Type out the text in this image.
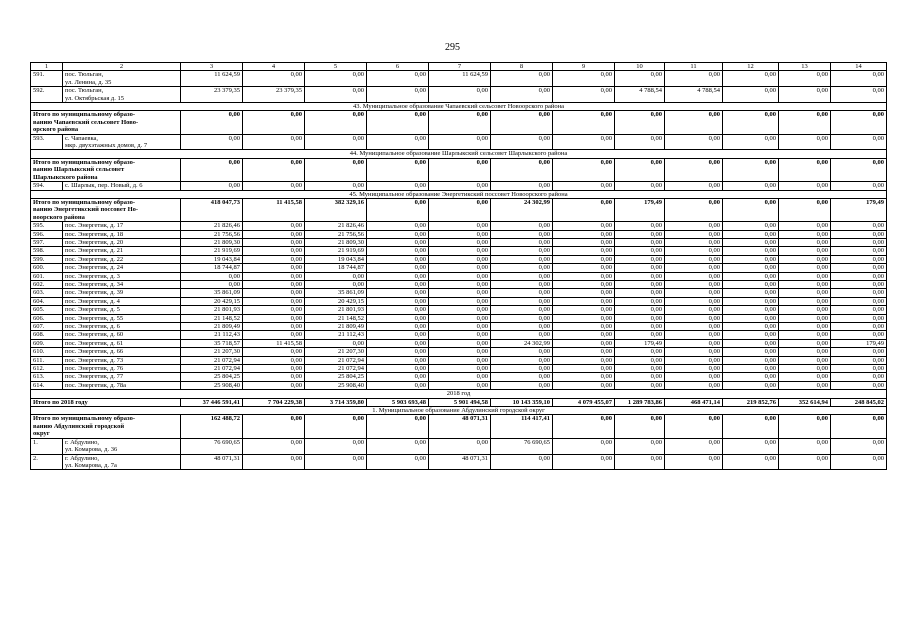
295
1	2	3	4	5	6	7	8	9	10	11	12	13	14
591.	пос. Тюльган,
ул. Ленина, д. 35	11 624,59	0,00	0,00	0,00	11 624,59	0,00	0,00	0,00	0,00	0,00	0,00	0,00
592.	пос. Тюльган,
ул. Октябрьская д. 15	23 379,35	23 379,35	0,00	0,00	0,00	0,00	0,00	4 788,54	4 788,54	0,00	0,00	0,00
43. Муниципальное образование Чапаевский сельсовет Новоорского района													

Итого по муниципальному образо-
ванию Чапаевский сельсовет Ново-
орского района		0,00	0,00	0,00	0,00	0,00	0,00	0,00	0,00	0,00	0,00	0,00	0,00
593.	с. Чапаевка,
мкр. двухэтажных домов, д. 7	0,00	0,00	0,00	0,00	0,00	0,00	0,00	0,00	0,00	0,00	0,00	0,00
44. Муниципальное образование Шарлыкский сельсовет Шарлыкского района													

Итого по муниципальному образо-
ванию Шарлыкский сельсовет
Шарлыкского района		0,00	0,00	0,00	0,00	0,00	0,00	0,00	0,00	0,00	0,00	0,00	0,00
594.	с. Шарлык, пер. Новый, д. 6	0,00	0,00	0,00	0,00	0,00	0,00	0,00	0,00	0,00	0,00	0,00	0,00
45. Муниципальное образование Энергетикский поссовет Новоорского района													

Итого по муниципальному образо-
ванию Энергетикский поссовет Но-
воорского района		418 047,73	11 415,58	382 329,16	0,00	0,00	24 302,99	0,00	179,49	0,00	0,00	0,00	179,49
595.	пос. Энергетик, д. 17	21 826,46	0,00	21 826,46	0,00	0,00	0,00	0,00	0,00	0,00	0,00	0,00	0,00
596.	пос. Энергетик, д. 18	21 756,56	0,00	21 756,56	0,00	0,00	0,00	0,00	0,00	0,00	0,00	0,00	0,00
597.	пос. Энергетик, д. 20	21 809,30	0,00	21 809,30	0,00	0,00	0,00	0,00	0,00	0,00	0,00	0,00	0,00
598.	пос. Энергетик, д. 21	21 919,69	0,00	21 919,69	0,00	0,00	0,00	0,00	0,00	0,00	0,00	0,00	0,00
599.	пос. Энергетик, д. 22	19 043,84	0,00	19 043,84	0,00	0,00	0,00	0,00	0,00	0,00	0,00	0,00	0,00
600.	пос. Энергетик, д. 24	18 744,87	0,00	18 744,87	0,00	0,00	0,00	0,00	0,00	0,00	0,00	0,00	0,00
601.	пос. Энергетик, д. 3	0,00	0,00	0,00	0,00	0,00	0,00	0,00	0,00	0,00	0,00	0,00	0,00
602.	пос. Энергетик, д. 34	0,00	0,00	0,00	0,00	0,00	0,00	0,00	0,00	0,00	0,00	0,00	0,00
603.	пос. Энергетик, д. 39	35 861,09	0,00	35 861,09	0,00	0,00	0,00	0,00	0,00	0,00	0,00	0,00	0,00
604.	пос. Энергетик, д. 4	20 429,15	0,00	20 429,15	0,00	0,00	0,00	0,00	0,00	0,00	0,00	0,00	0,00
605.	пос. Энергетик, д. 5	21 801,93	0,00	21 801,93	0,00	0,00	0,00	0,00	0,00	0,00	0,00	0,00	0,00
606.	пос. Энергетик, д. 55	21 148,52	0,00	21 148,52	0,00	0,00	0,00	0,00	0,00	0,00	0,00	0,00	0,00
607.	пос. Энергетик, д. 6	21 809,49	0,00	21 809,49	0,00	0,00	0,00	0,00	0,00	0,00	0,00	0,00	0,00
608.	пос. Энергетик, д. 60	21 112,43	0,00	21 112,43	0,00	0,00	0,00	0,00	0,00	0,00	0,00	0,00	0,00
609.	пос. Энергетик, д. 61	35 718,57	11 415,58	0,00	0,00	0,00	24 302,99	0,00	179,49	0,00	0,00	0,00	179,49
610.	пос. Энергетик, д. 66	21 207,30	0,00	21 207,30	0,00	0,00	0,00	0,00	0,00	0,00	0,00	0,00	0,00
611.	пос. Энергетик, д. 73	21 072,94	0,00	21 072,94	0,00	0,00	0,00	0,00	0,00	0,00	0,00	0,00	0,00
612.	пос. Энергетик, д. 76	21 072,94	0,00	21 072,94	0,00	0,00	0,00	0,00	0,00	0,00	0,00	0,00	0,00
613.	пос. Энергетик, д. 77	25 804,25	0,00	25 804,25	0,00	0,00	0,00	0,00	0,00	0,00	0,00	0,00	0,00
614.	пос. Энергетик, д. 78а	25 908,40	0,00	25 908,40	0,00	0,00	0,00	0,00	0,00	0,00	0,00	0,00	0,00
2018 год													

Итого по 2018 году		37 446 591,41	7 704 229,38	3 714 359,80	5 903 693,48	5 901 494,58	10 143 359,10	4 079 455,07	1 289 783,86	468 471,14	219 852,76	352 614,94	248 845,02
1. Муниципальное образование Абдулинский городской округ													

Итого по муниципальному образо-
ванию Абдулинский городской
округ		162 488,72	0,00	0,00	0,00	48 071,31	114 417,41	0,00	0,00	0,00	0,00	0,00	0,00
1.	г. Абдулино,
ул. Комарова, д. 36	76 690,65	0,00	0,00	0,00	0,00	76 690,65	0,00	0,00	0,00	0,00	0,00	0,00
2.	г. Абдулино,
ул. Комарова, д. 7а	48 071,31	0,00	0,00	0,00	48 071,31	0,00	0,00	0,00	0,00	0,00	0,00	0,00
